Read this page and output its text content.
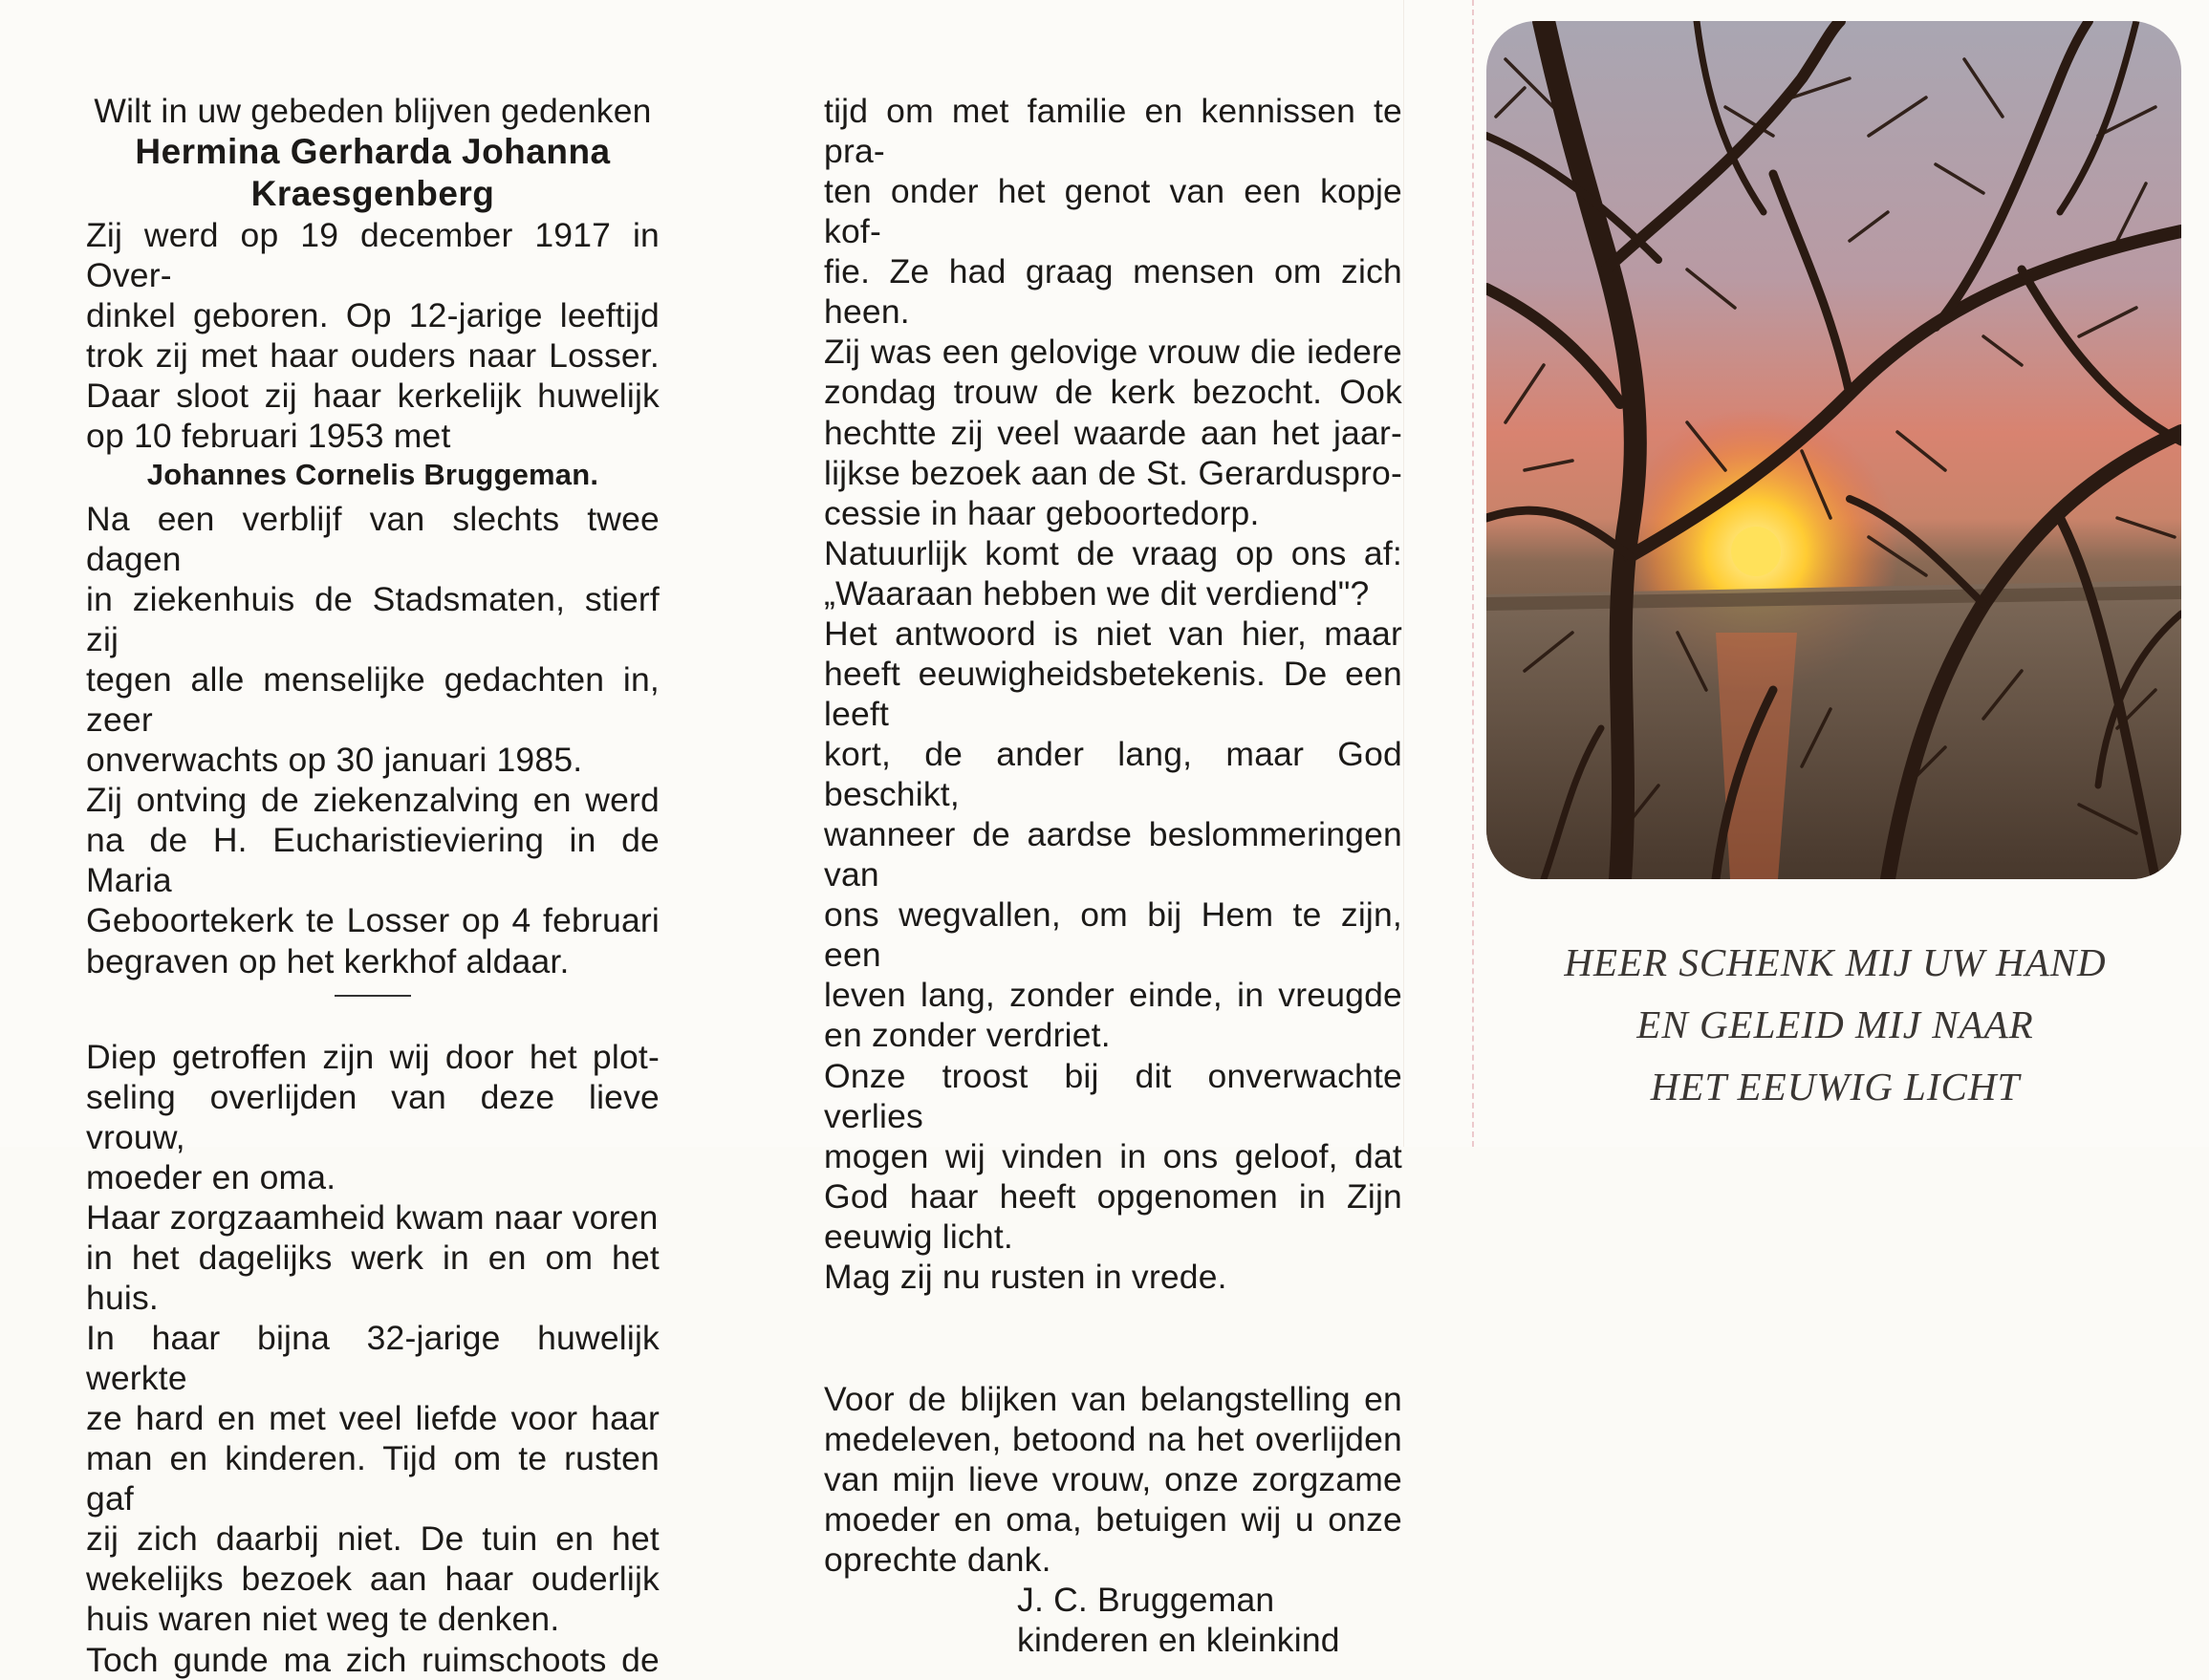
Wilt in uw gebeden blijven gedenken

Hermina Gerharda Johanna

Kraesgenberg

Zij werd op 19 december 1917 in Over-

dinkel geboren. Op 12-jarige leeftijd

trok zij met haar ouders naar Losser.

Daar sloot zij haar kerkelijk huwelijk

op 10 februari 1953 met

Johannes Cornelis Bruggeman.

Na een verblijf van slechts twee dagen

in ziekenhuis de Stadsmaten, stierf zij

tegen alle menselijke gedachten in, zeer

onverwachts op 30 januari 1985.

Zij ontving de ziekenzalving en werd

na de H. Eucharistieviering in de Maria

Geboortekerk te Losser op 4 februari

begraven op het kerkhof aldaar.

Diep getroffen zijn wij door het plot-

seling overlijden van deze lieve vrouw,

moeder en oma.

Haar zorgzaamheid kwam naar voren

in het dagelijks werk in en om het huis.

In haar bijna 32-jarige huwelijk werkte

ze hard en met veel liefde voor haar

man en kinderen. Tijd om te rusten gaf

zij zich daarbij niet. De tuin en het

wekelijks bezoek aan haar ouderlijk

huis waren niet weg te denken.

Toch gunde ma zich ruimschoots de

tijd om met familie en kennissen te pra-

ten onder het genot van een kopje kof-

fie. Ze had graag mensen om zich heen.

Zij was een gelovige vrouw die iedere

zondag trouw de kerk bezocht. Ook

hechtte zij veel waarde aan het jaar-

lijkse bezoek aan de St. Gerarduspro-

cessie in haar geboortedorp.

Natuurlijk komt de vraag op ons af:

„Waaraan hebben we dit verdiend"?

Het antwoord is niet van hier, maar

heeft eeuwigheidsbetekenis. De een leeft

kort, de ander lang, maar God beschikt,

wanneer de aardse beslommeringen van

ons wegvallen, om bij Hem te zijn, een

leven lang, zonder einde, in vreugde

en zonder verdriet.

Onze troost bij dit onverwachte verlies

mogen wij vinden in ons geloof, dat

God haar heeft opgenomen in Zijn

eeuwig licht.

Mag zij nu rusten in vrede.

Voor de blijken van belangstelling en

medeleven, betoond na het overlijden

van mijn lieve vrouw, onze zorgzame

moeder en oma, betuigen wij u onze

oprechte dank.

J. C. Bruggeman

kinderen en kleinkind

HEER SCHENK MIJ UW HAND
EN GELEID MIJ NAAR
HET EEUWIG LICHT
